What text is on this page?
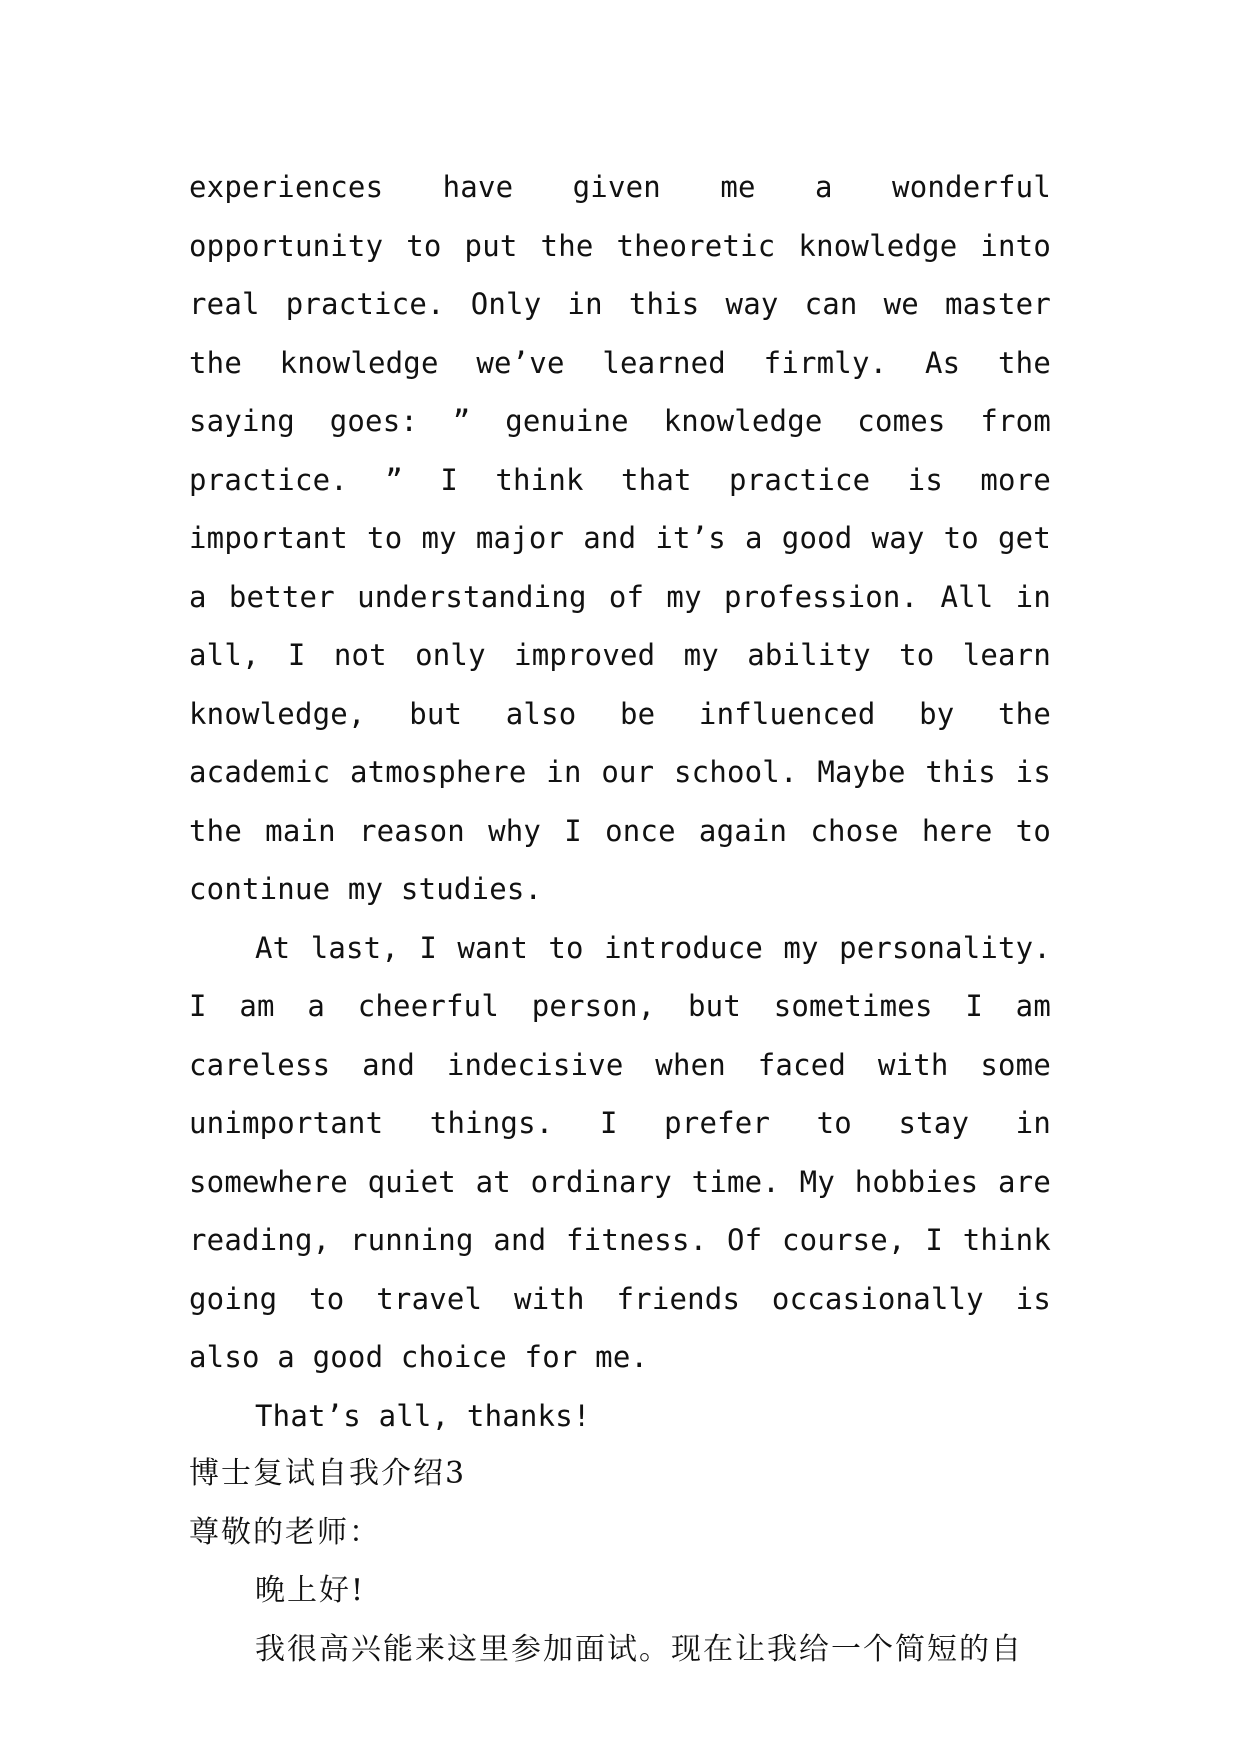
experiences have given me a wonderful opportunity to put the theoretic knowledge into real practice. Only in this way can we master the knowledge we’ve learned firmly. As the saying goes: ” genuine knowledge comes from practice. ” I think that practice is more important to my major and it’s a good way to get a better understanding of my profession. All in all, I not only improved my ability to learn knowledge, but also be influenced by the academic atmosphere in our school. Maybe this is the main reason why I once again chose here to continue my studies.

At last, I want to introduce my personality. I am a cheerful person, but sometimes I am careless and indecisive when faced with some unimportant things. I prefer to stay in somewhere quiet at ordinary time. My hobbies are reading, running and fitness. Of course, I think going to travel with friends occasionally is also a good choice for me.

That’s all, thanks!

博士复试自我介绍3

尊敬的老师：

晚上好!

我很高兴能来这里参加面试。现在让我给一个简短的自
